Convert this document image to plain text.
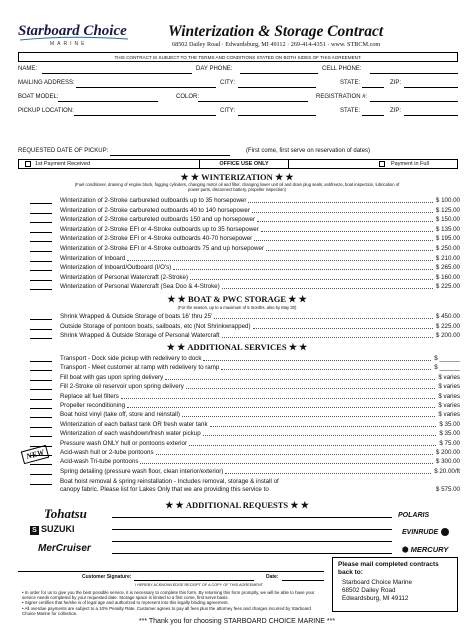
Starboard Choice
MARINE
Winterization & Storage Contract
68502 Dailey Road · Edwardsburg, MI 49112 · 269-414-4351 · www. STBCM.com
THIS CONTRACT IS SUBJECT TO THE TERMS AND CONDITIONS STATED ON BOTH SIDES OF THIS AGREEMENT.
NAME:	DAY PHONE:	CELL PHONE:
MAILING ADDRESS:	CITY:	STATE:	ZIP:
BOAT MODEL:	COLOR:	REGISTRATION #:
PICKUP LOCATION:	CITY:	STATE:	ZIP:
REQUESTED DATE OF PICKUP:	(First come, first serve on reservation of dates)
1st Payment Received	OFFICE USE ONLY	Payment in Full
★ ★ WINTERIZATION ★ ★
(Fuel conditioner, draining of engine block, fogging cylinders, changing motor oil and filter, changing lower unit oil and drain plug seals, antifreeze, boat inspection, lubrication of power parts, disconnect battery, propeller inspection)
Winterization of 2-Stroke carbureted outboards up to 35 horsepower	$ 100.00
Winterization of 2-Stroke carbureted outboards 40 to 140 horsepower	$ 125.00
Winterization of 2-Stroke carbureted outboards 150 and up horsepower	$ 150.00
Winterization of 2-Stroke EFI or 4-Stroke outboards up to 35 horsepower	$ 135.00
Winterization of 2-Stroke EFI or 4-Stroke outboards 40-70 horsepower	$ 195.00
Winterization of 2-Stroke EFI or 4-Stroke outboards 75 and up horsepower	$ 250.00
Winterization of Inboard	$ 210.00
Winterization of Inboard/Outboard (I/O's)	$ 265.00
Winterization of Personal Watercraft (2-Stroke)	$ 160.00
Winterization of Personal Watercraft (Sea Doo & 4-Stroke)	$ 225.00
★ ★ BOAT & PWC STORAGE ★ ★
(For the season, up to a maximum of 5 months, also by May 30)
Shrink Wrapped & Outside Storage of boats 16' thru 25'	$ 450.00
Outside Storage of pontoon boats, sailboats, etc (Not Shrinkwrapped)	$ 225.00
Shrink Wrapped & Outside Storage of Personal Watercraft	$ 200.00
★ ★ ADDITIONAL SERVICES ★ ★
Transport - Dock side pickup with redelivery to dock	$ ______
Transport - Meet customer at ramp with redelivery to ramp	$ ______
Fill boat with gas upon spring delivery	$ varies
Fill 2-Stroke oil reservoir upon spring delivery	$ varies
Replace all fuel filters	$ varies
Propeller reconditioning	$ varies
Boat hoist vinyl (take off, store and reinstall)	$ varies
Winterization of each ballast tank OR fresh water tank	$ 35.00
Winterization of each washdown/fresh water pickup	$ 35.00
Pressure wash ONLY hull or pontoons exterior	$ 75.00
Acid-wash hull or 2-tube pontoons	$ 200.00
Acid-wash Tri-tube pontoons	$ 300.00
Spring detailing (pressure wash floor, clean interior/exterior)	$ 20.00/ft
NEW
Boat hoist removal & spring reinstallation - Includes removal, storage & install of
canopy fabric. Please list for Lakes Only that we are providing this service to	$ 575.00
★ ★ ADDITIONAL REQUESTS ★ ★
Tohatsu
S SUZUKI
MerCruiser
POLARIS
EVINRUDE
⬢ MERCURY
Customer Signature:	Date:
I HEREBY ACKNOWLEDGE RECEIPT OF A COPY OF THIS AGREEMENT
• In order for us to give you the best possible service, it is necessary to complete this form. By returning this form promptly, we will be able to have your service needs completed by your requested date. Storage space is limited to a first come, first serve basis.
• Signer certifies that he/she is of legal age and authorized to represent into this legally binding agreement.
• All overdue payments are subject to a 10% Penalty Rate. Customer agrees to pay all fees plus the attorney fees and charges incurred by Starboard Choice Marine for collection.
Please mail completed contracts back to:
Starboard Choice Marine
68502 Dailey Road
Edwardsburg, MI 49112
*** Thank you for choosing STARBOARD CHOICE MARINE ***
